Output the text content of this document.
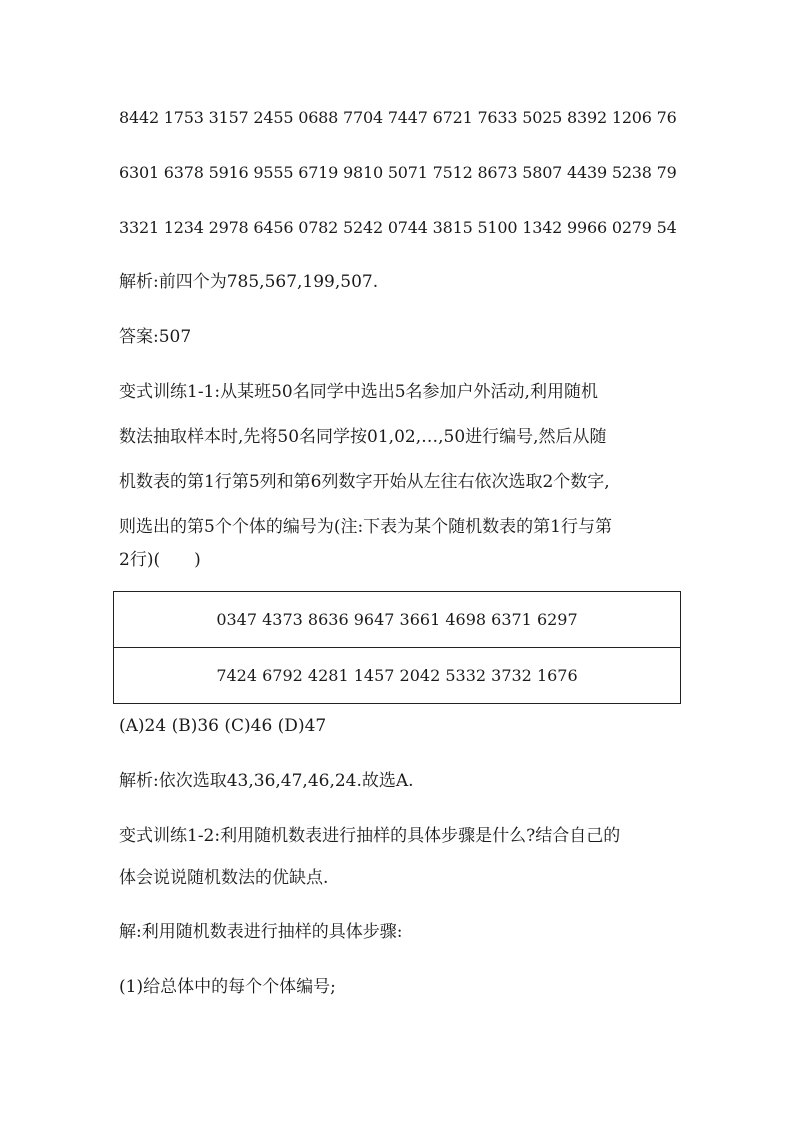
8442 1753 3157 2455 0688 7704 7447 6721 7633 5025 8392 1206 76
6301 6378 5916 9555 6719 9810 5071 7512 8673 5807 4439 5238 79
3321 1234 2978 6456 0782 5242 0744 3815 5100 1342 9966 0279 54
解析:前四个为785,567,199,507.
答案:507
变式训练1-1:从某班50名同学中选出5名参加户外活动,利用随机
数法抽取样本时,先将50名同学按01,02,…,50进行编号,然后从随
机数表的第1行第5列和第6列数字开始从左往右依次选取2个数字,
则选出的第5个个体的编号为(注:下表为某个随机数表的第1行与第
2行)(　　)
0347 4373 8636 9647 3661 4698 6371 6297
7424 6792 4281 1457 2042 5332 3732 1676
(A)24 (B)36 (C)46 (D)47
解析:依次选取43,36,47,46,24.故选A.
变式训练1-2:利用随机数表进行抽样的具体步骤是什么?结合自己的
体会说说随机数法的优缺点.
解:利用随机数表进行抽样的具体步骤:
(1)给总体中的每个个体编号;
